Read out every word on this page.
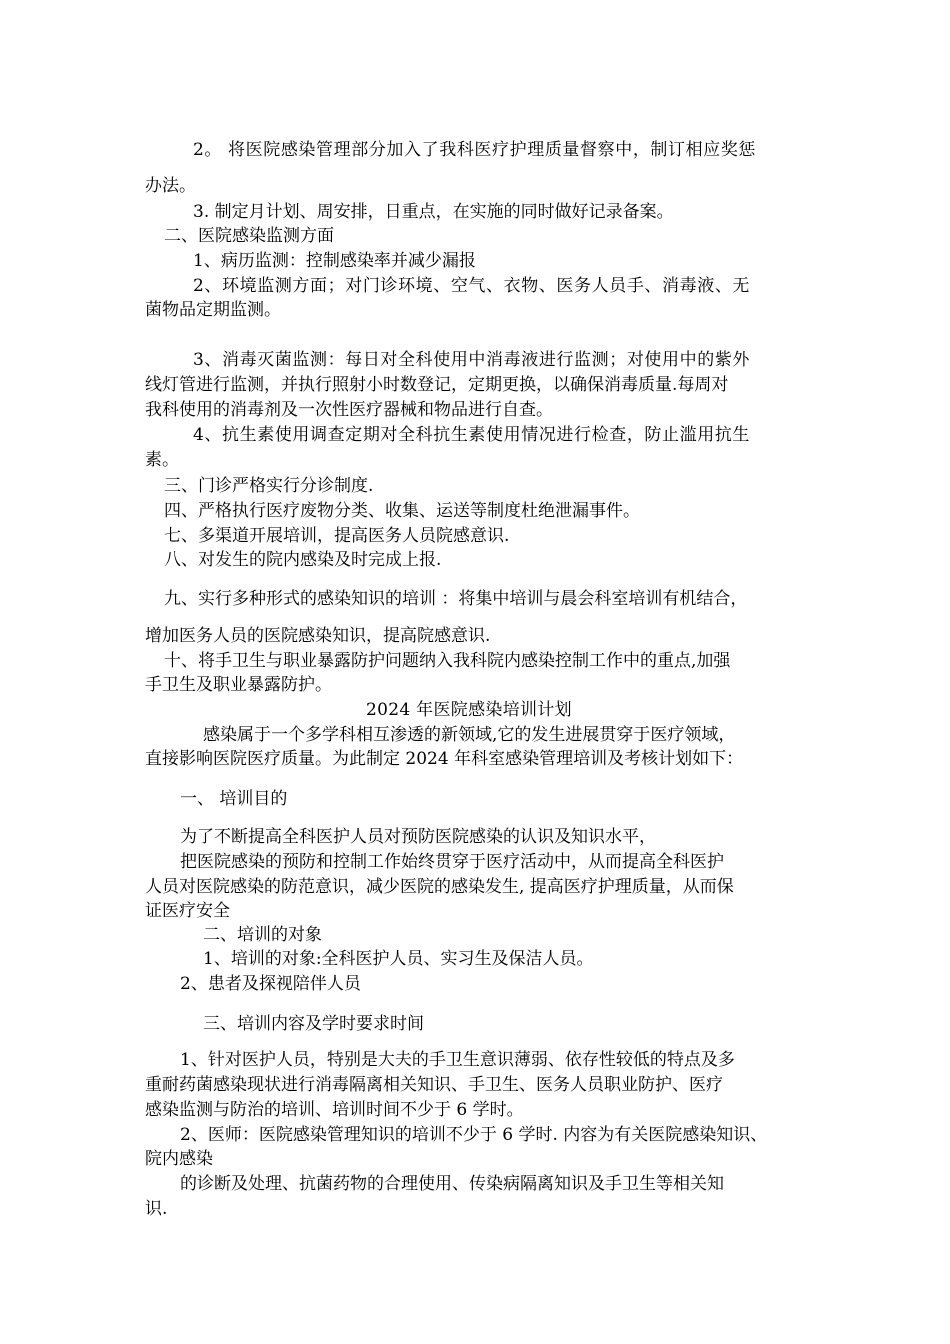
2。 将医院感染管理部分加入了我科医疗护理质量督察中，制订相应奖惩

办法。

3. 制定月计划、周安排，日重点，在实施的同时做好记录备案。

二、医院感染监测方面

1、病历监测：控制感染率并减少漏报

2、环境监测方面；对门诊环境、空气、衣物、医务人员手、消毒液、无

菌物品定期监测。

3、消毒灭菌监测：每日对全科使用中消毒液进行监测；对使用中的紫外

线灯管进行监测，并执行照射小时数登记，定期更换，以确保消毒质量.每周对

我科使用的消毒剂及一次性医疗器械和物品进行自查。

4、抗生素使用调查定期对全科抗生素使用情况进行检查，防止滥用抗生

素。

三、门诊严格实行分诊制度.

四、严格执行医疗废物分类、收集、运送等制度杜绝泄漏事件。

七、多渠道开展培训，提高医务人员院感意识.

八、对发生的院内感染及时完成上报.

九、实行多种形式的感染知识的培训 ：将集中培训与晨会科室培训有机结合，

增加医务人员的医院感染知识，提高院感意识.

十、将手卫生与职业暴露防护问题纳入我科院内感染控制工作中的重点,加强

手卫生及职业暴露防护。

2024 年医院感染培训计划

感染属于一个多学科相互渗透的新领域,它的发生进展贯穿于医疗领域，

直接影响医院医疗质量。为此制定 2024 年科室感染管理培训及考核计划如下：

一、 培训目的

为了不断提高全科医护人员对预防医院感染的认识及知识水平，

把医院感染的预防和控制工作始终贯穿于医疗活动中，从而提高全科医护

人员对医院感染的防范意识，减少医院的感染发生, 提高医疗护理质量，从而保

证医疗安全

二、培训的对象

1、培训的对象:全科医护人员、实习生及保洁人员。

2、患者及探视陪伴人员

三、培训内容及学时要求时间

1、针对医护人员，特别是大夫的手卫生意识薄弱、依存性较低的特点及多

重耐药菌感染现状进行消毒隔离相关知识、手卫生、医务人员职业防护、医疗

感染监测与防治的培训、培训时间不少于 6 学时。

2、医师：医院感染管理知识的培训不少于 6 学时. 内容为有关医院感染知识、

院内感染

的诊断及处理、抗菌药物的合理使用、传染病隔离知识及手卫生等相关知

识.
